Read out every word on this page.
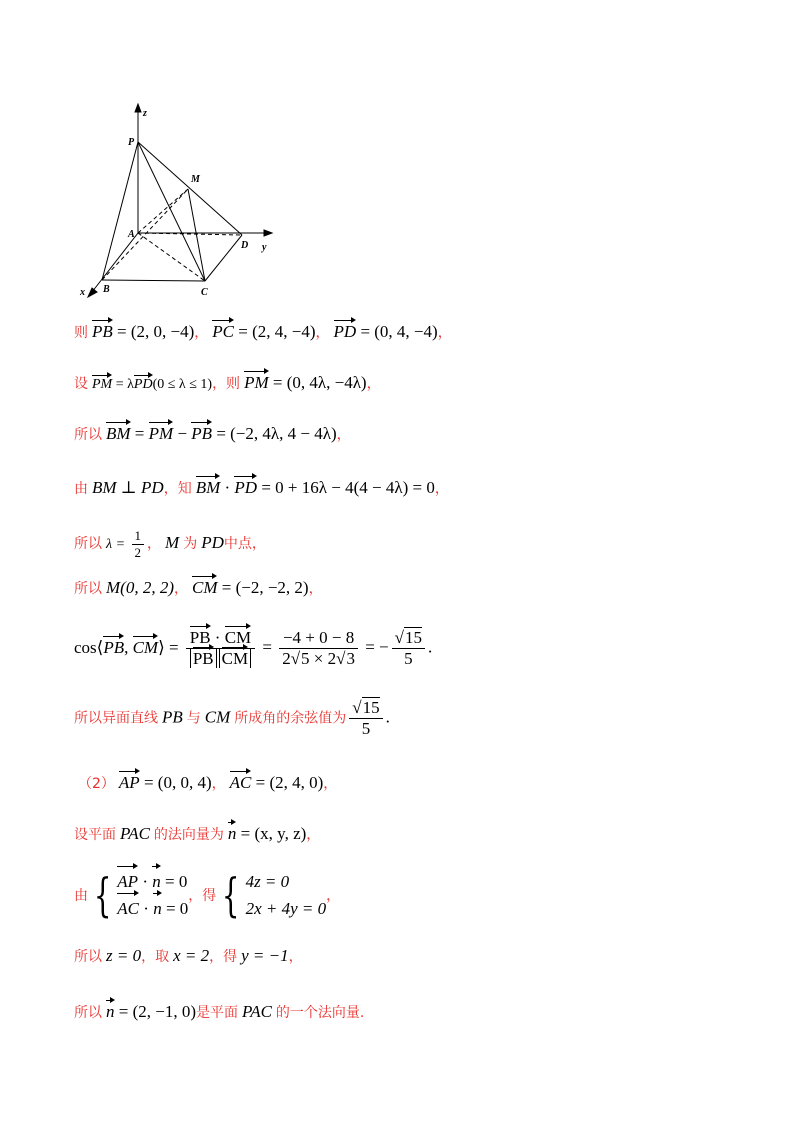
z
P
M
A
D y
x B	C
则 PB = (2, 0, −4)， PC = (2, 4, −4)， PD = (0, 4, −4)，
设 PM = λPD(0 ≤ λ ≤ 1)，则 PM = (0, 4λ, −4λ)，
所以 BM = PM − PB = (−2, 4λ, 4 − 4λ)，
由 BM ⊥ PD，知 BM · PD = 0 + 16λ − 4(4 − 4λ) = 0，
所以 $\lambda = \frac{1}{2}$ ， M 为 PD中点，
所以 M(0, 2, 2)， CM = (−2, −2, 2)，
cos⟨PB, CM⟩ = $\frac{PB \cdot CM}{\text{PB CM}} = \frac{-4 + 0 - 8}{2√5 \times 2√3}$ = − $\frac{√15}{5}$ .
所以异面直线 PB 与 CM 所成角的余弦值为 $\frac{√15}{5}$ .
（2） AP = (0, 0, 4)， AC = (2, 4, 0)，
设平面 PAC 的法向量为 n = (x, y, z)，
由 { AP · n = 0
AC · n = 0
，得 { 4z = 0
2x + 4y = 0
，
所以 z = 0，取 x = 2，得 y = −1，
所以 n = (2, −1, 0)是平面 PAC 的一个法向量.
